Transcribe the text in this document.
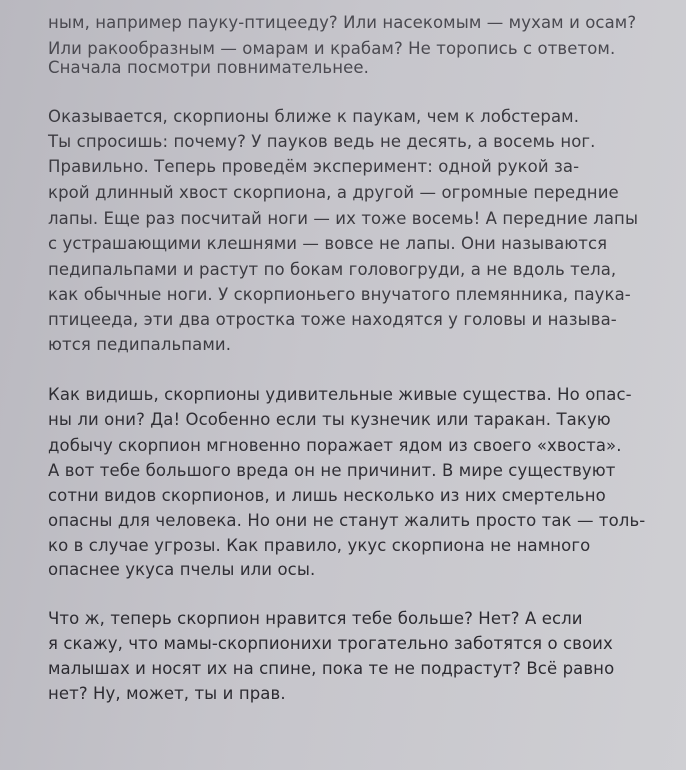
ным, например пауку-птицееду? Или насекомым — мухам и осам?
Или ракообразным — омарам и крабам? Не торопись с ответом.
Сначала посмотри повнимательнее.
Оказывается, скорпионы ближе к паукам, чем к лобстерам.
Ты спросишь: почему? У пауков ведь не десять, а восемь ног.
Правильно. Теперь проведём эксперимент: одной рукой за-
крой длинный хвост скорпиона, а другой — огромные передние
лапы. Еще раз посчитай ноги — их тоже восемь! А передние лапы
с устрашающими клешнями — вовсе не лапы. Они называются
педипальпами и растут по бокам головогруди, а не вдоль тела,
как обычные ноги. У скорпионьего внучатого племянника, паука-
птицееда, эти два отростка тоже находятся у головы и называ-
ются педипальпами.
Как видишь, скорпионы удивительные живые существа. Но опас-
ны ли они? Да! Особенно если ты кузнечик или таракан. Такую
добычу скорпион мгновенно поражает ядом из своего «хвоста».
А вот тебе большого вреда он не причинит. В мире существуют
сотни видов скорпионов, и лишь несколько из них смертельно
опасны для человека. Но они не станут жалить просто так — толь-
ко в случае угрозы. Как правило, укус скорпиона не намного
опаснее укуса пчелы или осы.
Что ж, теперь скорпион нравится тебе больше? Нет? А если
я скажу, что мамы-скорпионихи трогательно заботятся о своих
малышах и носят их на спине, пока те не подрастут? Всё равно
нет? Ну, может, ты и прав.
